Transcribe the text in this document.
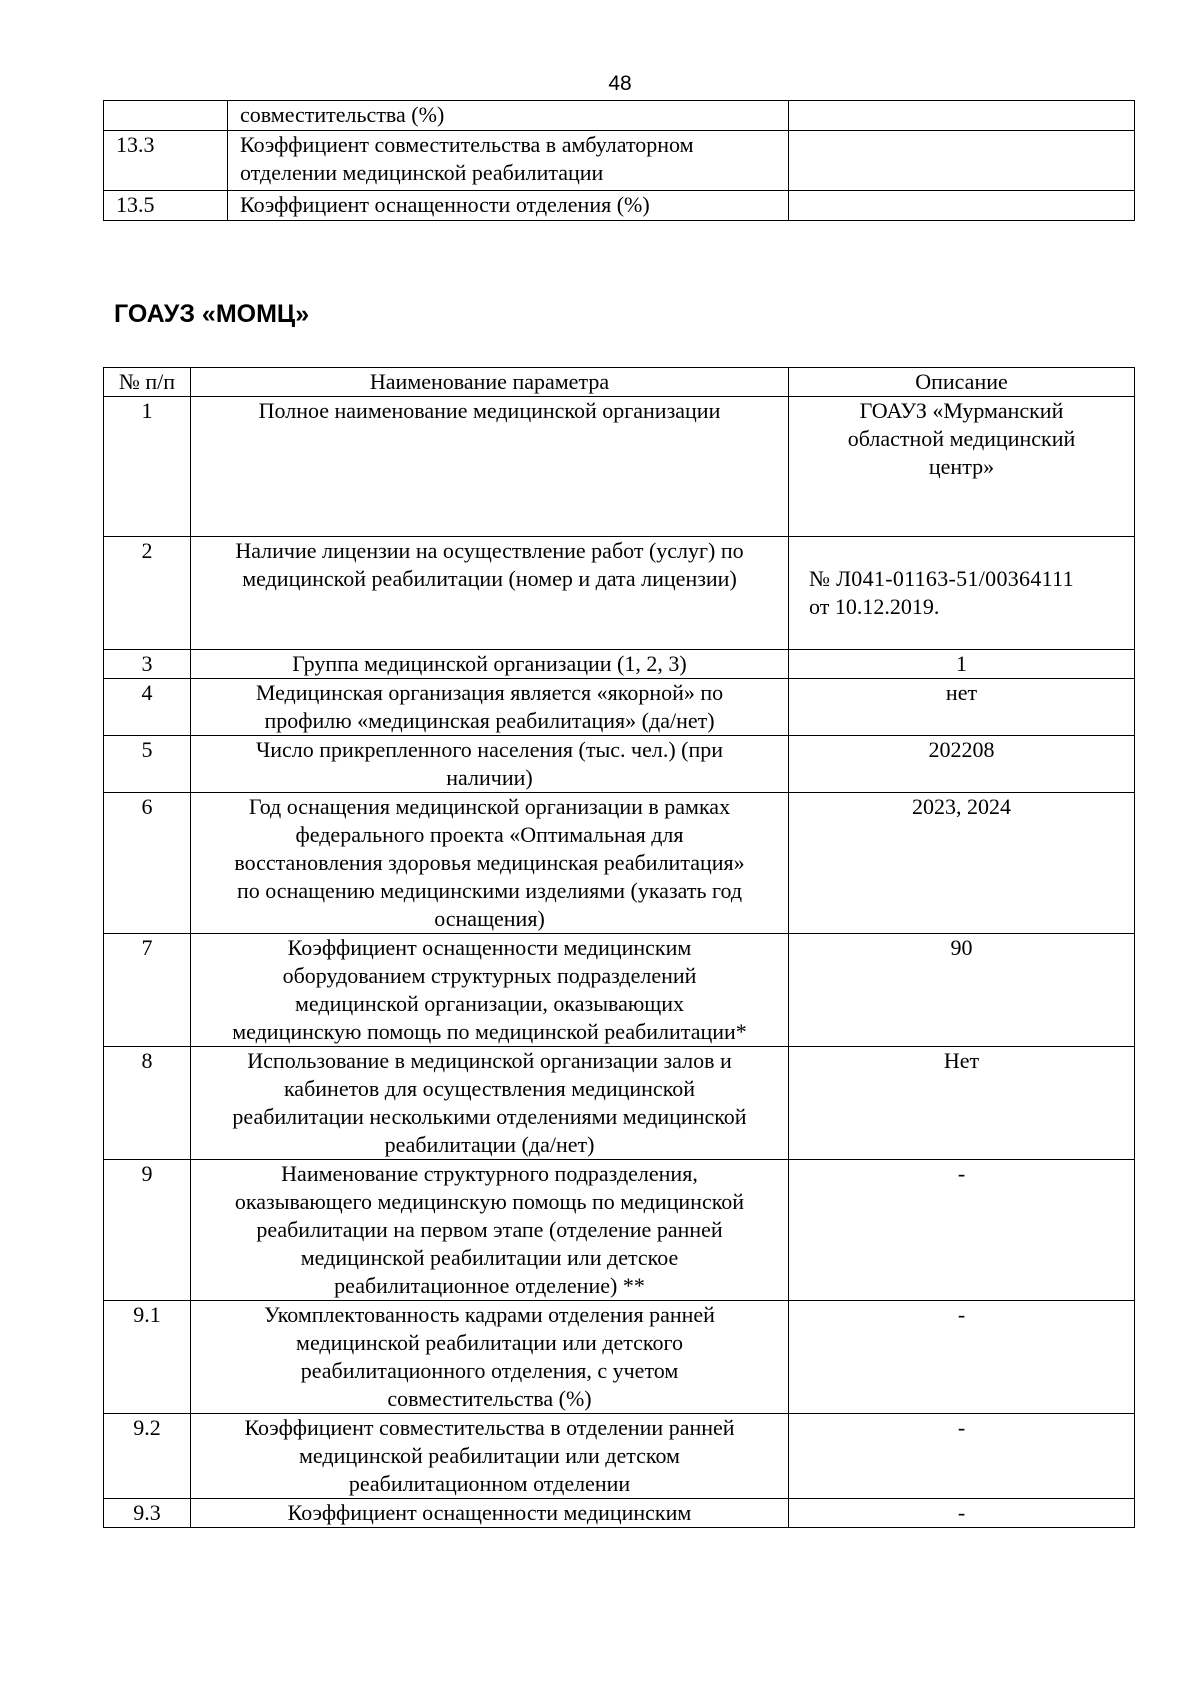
48
	совместительства (%)	
13.3	Коэффициент совместительства в амбулаторном
отделении медицинской реабилитации	
13.5	Коэффициент оснащенности отделения (%)	
ГОАУЗ «МОМЦ»
№ п/п	Наименование параметра	Описание
1	Полное наименование медицинской организации	ГОАУЗ «Мурманский
областной медицинский
центр»
2	Наличие лицензии на осуществление работ (услуг) по
медицинской реабилитации (номер и дата лицензии)	№ Л041-01163-51/00364111
от 10.12.2019.

3	Группа медицинской организации (1, 2, 3)	1
4	Медицинская организация является «якорной» по
профилю «медицинская реабилитация» (да/нет)	нет
5	Число прикрепленного населения (тыс. чел.) (при
наличии)	202208
6	Год оснащения медицинской организации в рамках
федерального проекта «Оптимальная для
восстановления здоровья медицинская реабилитация»
по оснащению медицинскими изделиями (указать год
оснащения)	2023, 2024
7	Коэффициент оснащенности медицинским
оборудованием структурных подразделений
медицинской организации, оказывающих
медицинскую помощь по медицинской реабилитации*	90
8	Использование в медицинской организации залов и
кабинетов для осуществления медицинской
реабилитации несколькими отделениями медицинской
реабилитации (да/нет)	Нет
9	Наименование структурного подразделения,
оказывающего медицинскую помощь по медицинской
реабилитации на первом этапе (отделение ранней
медицинской реабилитации или детское
реабилитационное отделение) **	-
9.1	Укомплектованность кадрами отделения ранней
медицинской реабилитации или детского
реабилитационного отделения, с учетом
совместительства (%)	-
9.2	Коэффициент совместительства в отделении ранней
медицинской реабилитации или детском
реабилитационном отделении	-
9.3	Коэффициент оснащенности медицинским	-
